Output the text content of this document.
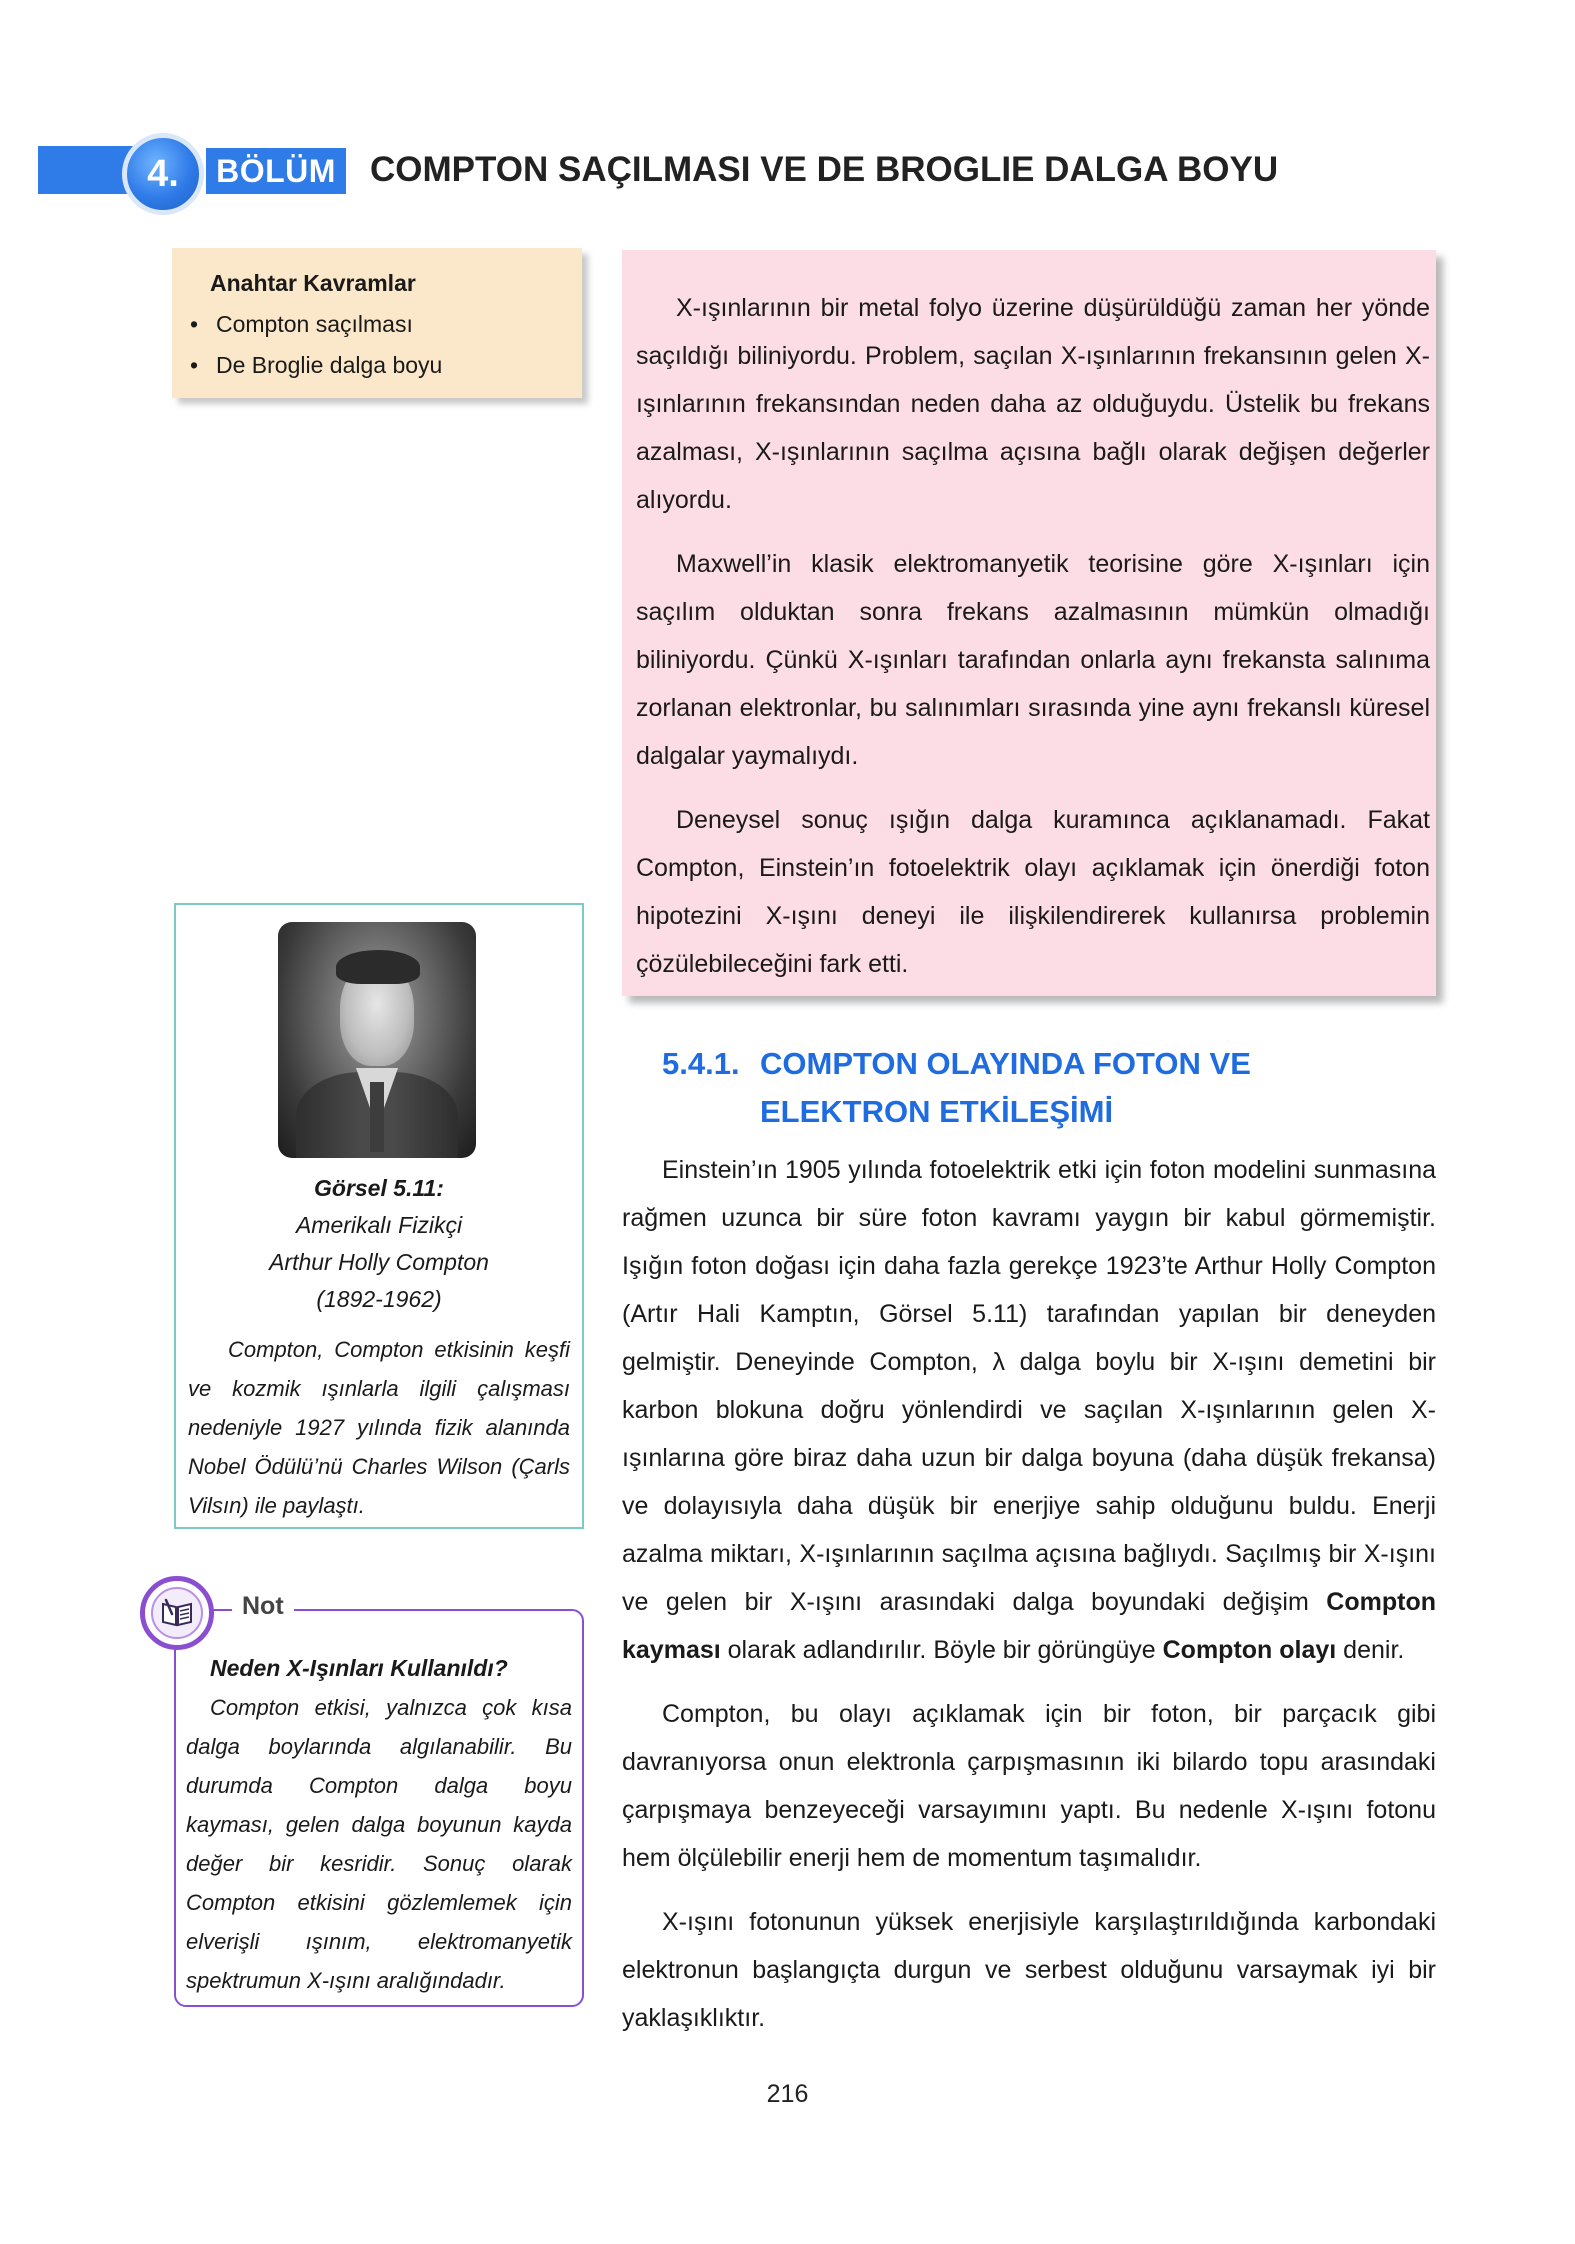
4.	BÖLÜM COMPTON SAÇILMASI VE DE BROGLIE DALGA BOYU
Anahtar Kavramlar
• Compton saçılması
• De Broglie dalga boyu
X-ışınlarının bir metal folyo üzerine düşürüldüğü zaman her yönde saçıldığı biliniyordu. Problem, saçılan X-ışınlarının frekansının gelen X-ışınlarının frekansından neden daha az olduğuydu. Üstelik bu frekans azalması, X-ışınlarının saçılma açısına bağlı olarak değişen değerler alıyordu.
Maxwell’in klasik elektromanyetik teorisine göre X-ışınları için saçılım olduktan sonra frekans azalmasının mümkün olmadığı biliniyordu. Çünkü X-ışınları tarafından onlarla aynı frekansta salınıma zorlanan elektronlar, bu salınımları sırasında yine aynı frekanslı küresel dalgalar yaymalıydı.
Deneysel sonuç ışığın dalga kuramınca açıklanamadı. Fakat Compton, Einstein’ın fotoelektrik olayı açıklamak için önerdiği foton hipotezini X-ışını deneyi ile ilişkilendirerek kullanırsa problemin çözülebileceğini fark etti.
Görsel 5.11:
Amerikalı Fizikçi
Arthur Holly Compton
(1892-1962)
Compton, Compton etkisinin keşfi ve kozmik ışınlarla ilgili çalışması nedeniyle 1927 yılında fizik alanında Nobel Ödülü’nü Charles Wilson (Çarls Vilsın) ile paylaştı.
Not
Neden X-Işınları Kullanıldı?
Compton etkisi, yalnızca çok kısa dalga boylarında algılanabilir. Bu durumda Compton dalga boyu kayması, gelen dalga boyunun kayda değer bir kesridir. Sonuç olarak Compton etkisini gözlemlemek için elverişli ışınım, elektromanyetik spektrumun X-ışını aralığındadır.
5.4.1. COMPTON OLAYINDA FOTON VE
ELEKTRON ETKİLEŞİMİ
Einstein’ın 1905 yılında fotoelektrik etki için foton modelini sunmasına rağmen uzunca bir süre foton kavramı yaygın bir kabul görmemiştir. Işığın foton doğası için daha fazla gerekçe 1923’te Arthur Holly Compton (Artır Hali Kamptın, Görsel 5.11) tarafından yapılan bir deneyden gelmiştir. Deneyinde Compton, λ dalga boylu bir X-ışını demetini bir karbon blokuna doğru yönlendirdi ve saçılan X-ışınlarının gelen X-ışınlarına göre biraz daha uzun bir dalga boyuna (daha düşük frekansa) ve dolayısıyla daha düşük bir enerjiye sahip olduğunu buldu. Enerji azalma miktarı, X-ışınlarının saçılma açısına bağlıydı. Saçılmış bir X-ışını ve gelen bir X-ışını arasındaki dalga boyundaki değişim Compton kayması olarak adlandırılır. Böyle bir görüngüye Compton olayı denir.
Compton, bu olayı açıklamak için bir foton, bir parçacık gibi davranıyorsa onun elektronla çarpışmasının iki bilardo topu arasındaki çarpışmaya benzeyeceği varsayımını yaptı. Bu nedenle X-ışını fotonu hem ölçülebilir enerji hem de momentum taşımalıdır.
X-ışını fotonunun yüksek enerjisiyle karşılaştırıldığında karbondaki elektronun başlangıçta durgun ve serbest olduğunu varsaymak iyi bir yaklaşıklıktır.
216
